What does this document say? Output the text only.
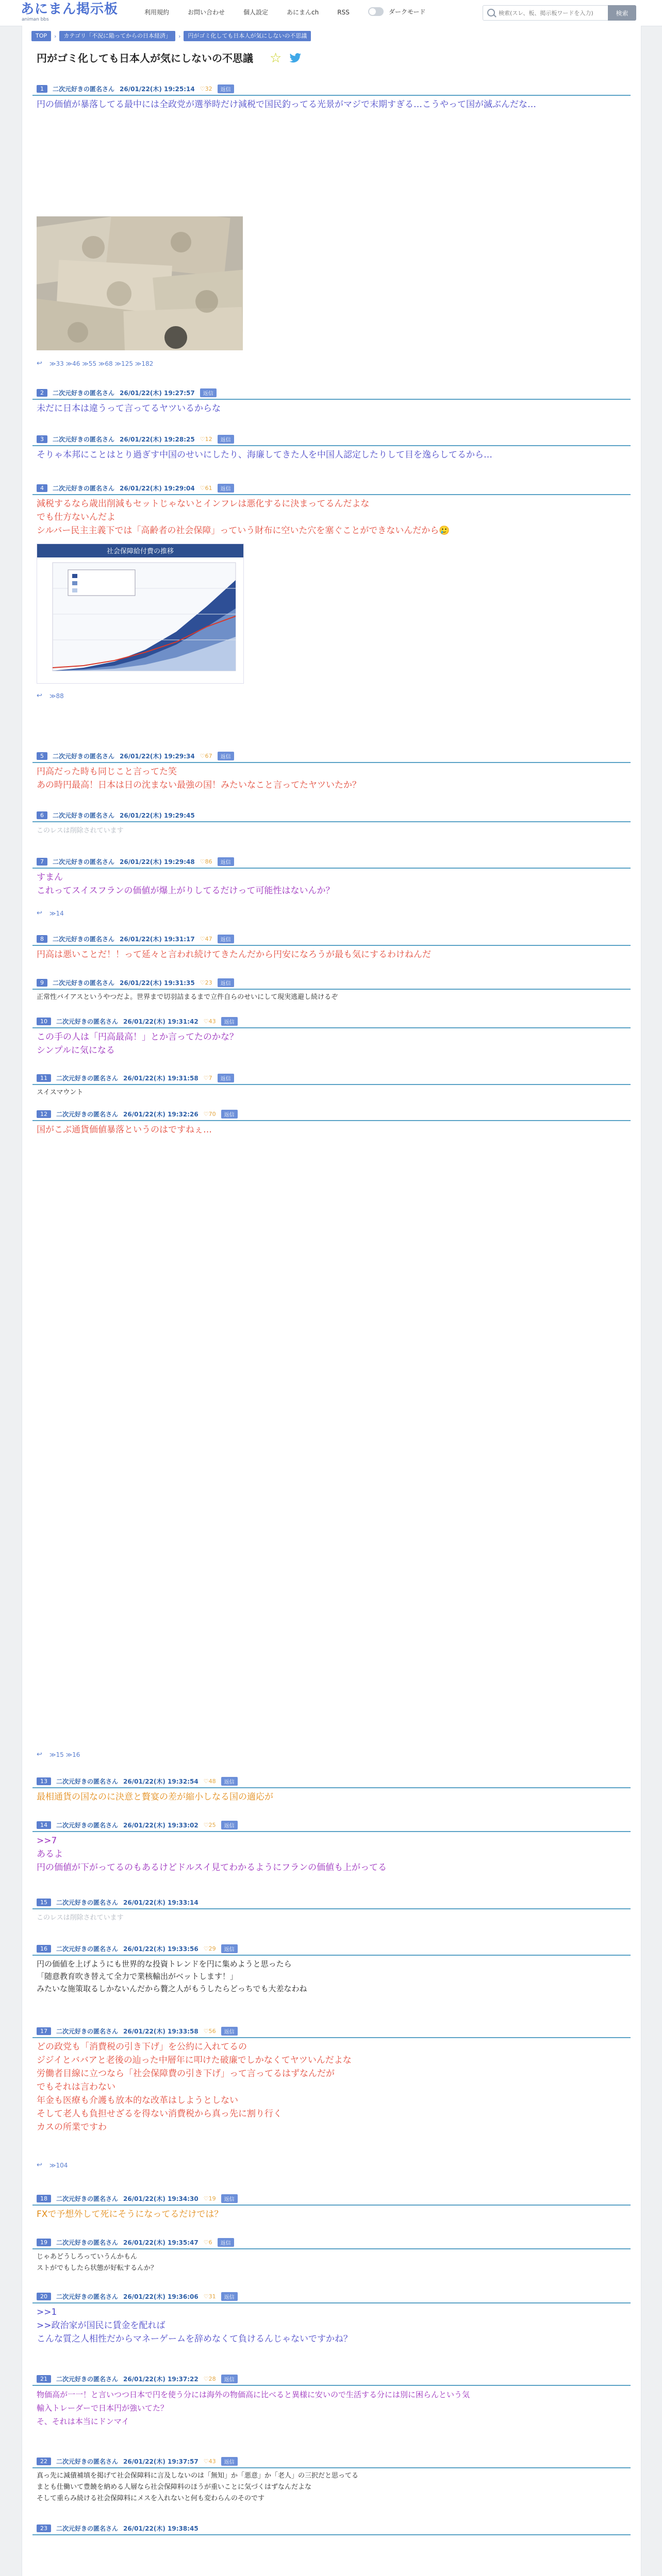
あにまん掲示板
animan bbs
利用規約	お問い合わせ	個人設定	あにまんch	RSS	ダークモード
検索(スレ、板、掲示板ワードを入力)	検索
TOP	›	カテゴリ「不況に陥ってからの日本経済」	›	円がゴミ化しても日本人が気にしないの不思議
円がゴミ化しても日本人が気にしないの不思議 ☆
1	二次元好きの匿名さん 26/01/22(木) 19:25:14 ♡32	返信
円の価値が暴落してる最中には全政党が選挙時だけ減税で国民釣ってる光景がマジで末期すぎる…こうやって国が滅ぶんだな…
↩ ≫33 ≫46 ≫55 ≫68 ≫125 ≫182
2	二次元好きの匿名さん 26/01/22(木) 19:27:57	返信
未だに日本は違うって言ってるヤツいるからな
3	二次元好きの匿名さん 26/01/22(木) 19:28:25 ♡12	返信
そりゃ本邦にことはとり過ぎす中国のせいにしたり、海廉してきた人を中国人認定したりして目を逸らしてるから…
4	二次元好きの匿名さん 26/01/22(木) 19:29:04 ♡61	返信
減税するなら歳出削減もセットじゃないとインフレは悪化するに決まってるんだよな
でも仕方ないんだよ
シルバー民主主義下では「高齢者の社会保障」っていう財布に空いた穴を塞ぐことができないんだから🥲
社会保障給付費の推移
↩ ≫88
5	二次元好きの匿名さん 26/01/22(木) 19:29:34 ♡67	返信
円高だった時も同じこと言ってた笑
あの時円最高！日本は日の沈まない最強の国！みたいなこと言ってたヤツいたか？
6	二次元好きの匿名さん 26/01/22(木) 19:29:45
このレスは削除されています
7	二次元好きの匿名さん 26/01/22(木) 19:29:48 ♡86	返信
すまん
これってスイスフランの価値が爆上がりしてるだけって可能性はないんか？
↩ ≫14
8	二次元好きの匿名さん 26/01/22(木) 19:31:17 ♡47	返信
円高は悪いことだ！！って延々と言われ続けてきたんだから円安になろうが最も気にするわけねんだ
9	二次元好きの匿名さん 26/01/22(木) 19:31:35 ♡23	返信
正常性バイアスというやつだよ。世界まで切羽詰まるまで立件自らのせいにして現実逃避し続けるぞ
10	二次元好きの匿名さん 26/01/22(木) 19:31:42 ♡43	返信
この手の人は「円高最高！」とか言ってたのかな？
シンプルに気になる
11	二次元好きの匿名さん 26/01/22(木) 19:31:58 ♡7	返信
スイスマウント
12	二次元好きの匿名さん 26/01/22(木) 19:32:26 ♡70	返信
国がこぶ通貨価値暴落というのはですねぇ…
↩ ≫15 ≫16
13	二次元好きの匿名さん 26/01/22(木) 19:32:54 ♡48	返信
最相通貨の国なのに決意と贅宴の差が縮小しなる国の適応が
14	二次元好きの匿名さん 26/01/22(木) 19:33:02 ♡25	返信
>>7
あるよ
円の価値が下がってるのもあるけどドルスイ見てわかるようにフランの価値も上がってる
15	二次元好きの匿名さん 26/01/22(木) 19:33:14
このレスは削除されています
16	二次元好きの匿名さん 26/01/22(木) 19:33:56 ♡29	返信
円の価値を上げようにも世界的な投資トレンドを円に集めようと思ったら
「随意教育吹き替えて全力で業核輸出がベットします！」
みたいな施策取るしかないんだから贅之人がもうしたらどっちでも大差なわね
17	二次元好きの匿名さん 26/01/22(木) 19:33:58 ♡56	返信
どの政党も「消費税の引き下げ」を公約に入れてるの
ジジイとババアと老後の辿った中層年に叩けた破廉でしかなくてヤツいんだよな
労働者目線に立つなら「社会保障費の引き下げ」って言ってるはずなんだが
でもそれは言わない
年金も医療も介護も放本的な改革はしようとしない
そして老人も負担せざるを得ない消費税から真っ先に割り行く
カスの所業ですわ
↩ ≫104
18	二次元好きの匿名さん 26/01/22(木) 19:34:30 ♡19	返信
FXで予想外して死にそうになってるだけでは？
19	二次元好きの匿名さん 26/01/22(木) 19:35:47 ♡6	返信
じゃあどうしろっていうんかもん
ストがでもしたら状態が好転するんか？
20	二次元好きの匿名さん 26/01/22(木) 19:36:06 ♡31	返信
>>1
>>政治家が国民に賃金を配れば
こんな質之人相性だからマネーゲームを辞めなくて負けるんじゃないですかね？
21	二次元好きの匿名さん 26/01/22(木) 19:37:22 ♡28	返信
物価高が一一！と言いつつ日本で円を使う分には海外の物価高に比べると異様に安いので生活する分には別に困らんという気
輸入トレーダーで日本円が強いてた？
そ、それは本当にドンマイ
22	二次元好きの匿名さん 26/01/22(木) 19:37:57 ♡43	返信
真っ先に減債補填を掲げて社会保障料に言及しないのは「無知」か「悪意」か「老人」の三択だと思ってる
まとも仕働いて豊饒を納める人層なら社会保障料のほうが重いことに気づくはずなんだよな
そして重らみ続ける社会保障料にメスを入れないと何も変わらんのそのです
23	二次元好きの匿名さん 26/01/22(木) 19:38:45
